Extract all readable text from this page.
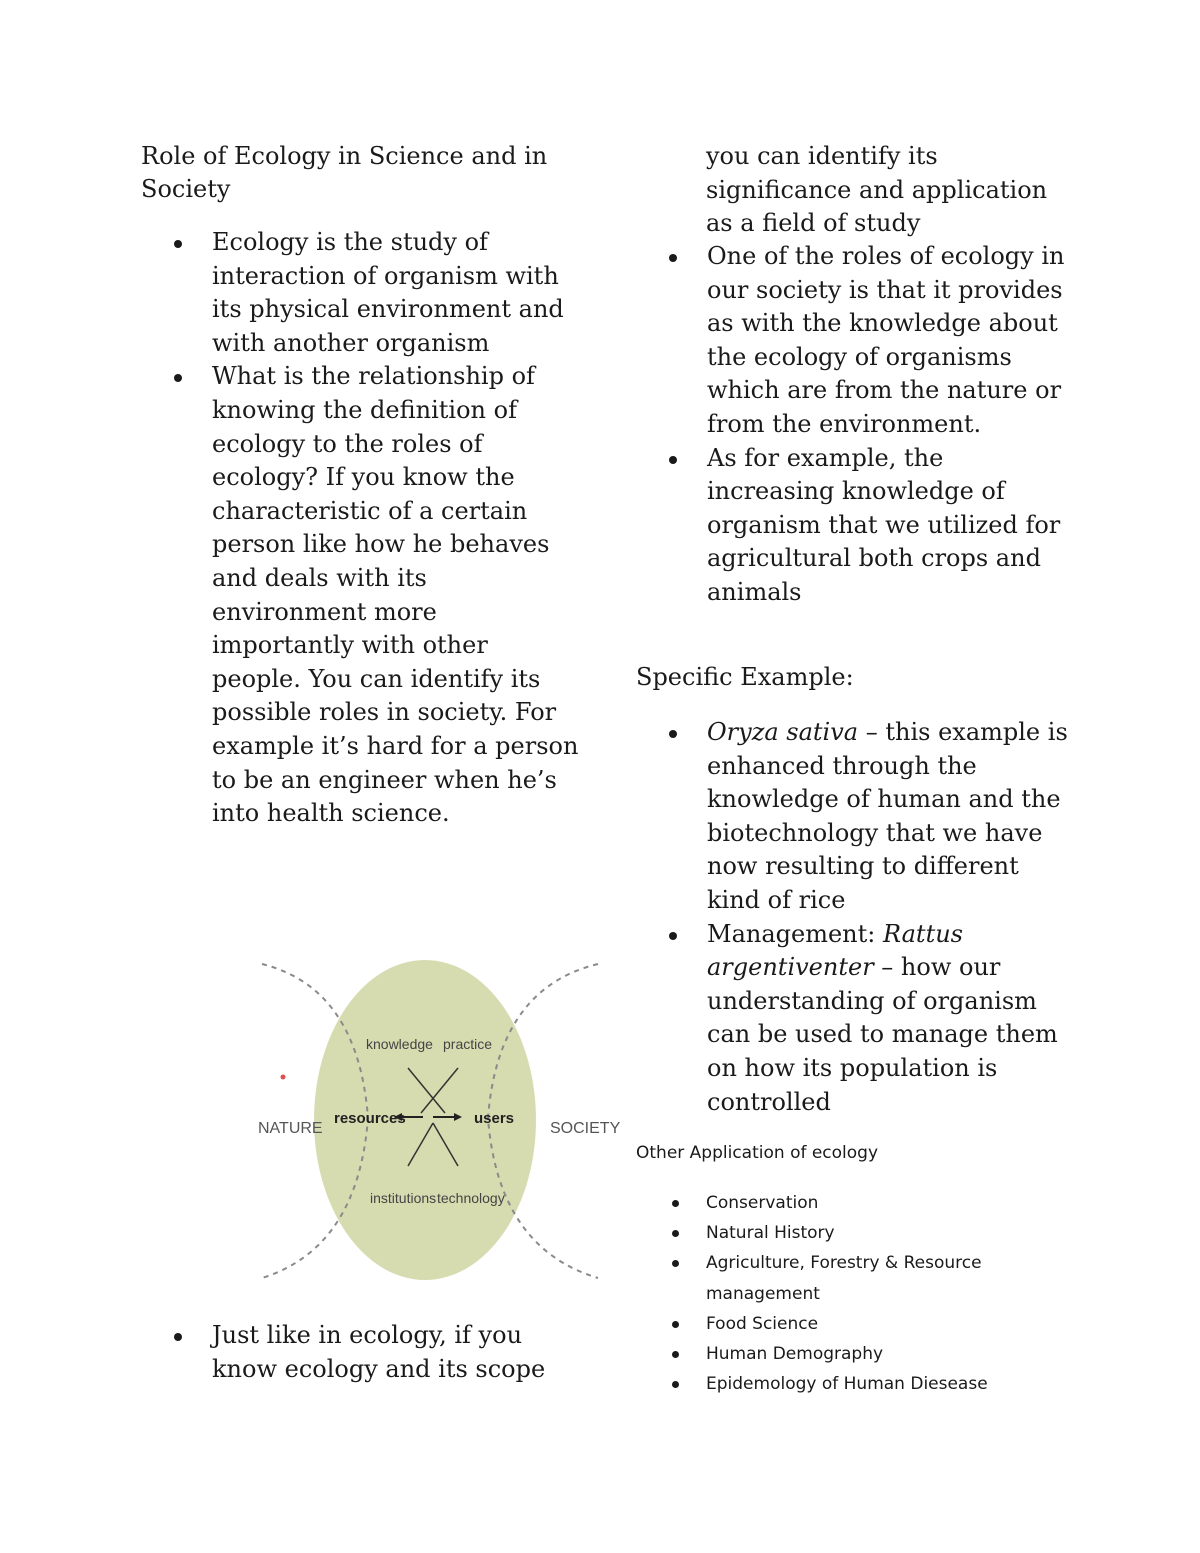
Role of Ecology in Science and in Society
Ecology is the study of interaction of organism with its physical environment and with another organism
What is the relationship of knowing the definition of ecology to the roles of ecology? If you know the characteristic of a certain person like how he behaves and deals with its environment more importantly with other people. You can identify its possible roles in society. For example it’s hard for a person to be an engineer when he’s into health science.
NATURE	SOCIETY
knowledge practice
resources	users
institutions technology
Just like in ecology, if you know ecology and its scope
you can identify its significance and application as a field of study
One of the roles of ecology in our society is that it provides as with the knowledge about the ecology of organisms which are from the nature or from the environment.
As for example, the increasing knowledge of organism that we utilized for agricultural both crops and animals
Specific Example:
Oryza sativa – this example is enhanced through the knowledge of human and the biotechnology that we have now resulting to different kind of rice
Management: Rattus argentiventer – how our understanding of organism can be used to manage them on how its population is controlled
Other Application of ecology
Conservation
Natural History
Agriculture, Forestry & Resource management
Food Science
Human Demography
Epidemology of Human Diesease
